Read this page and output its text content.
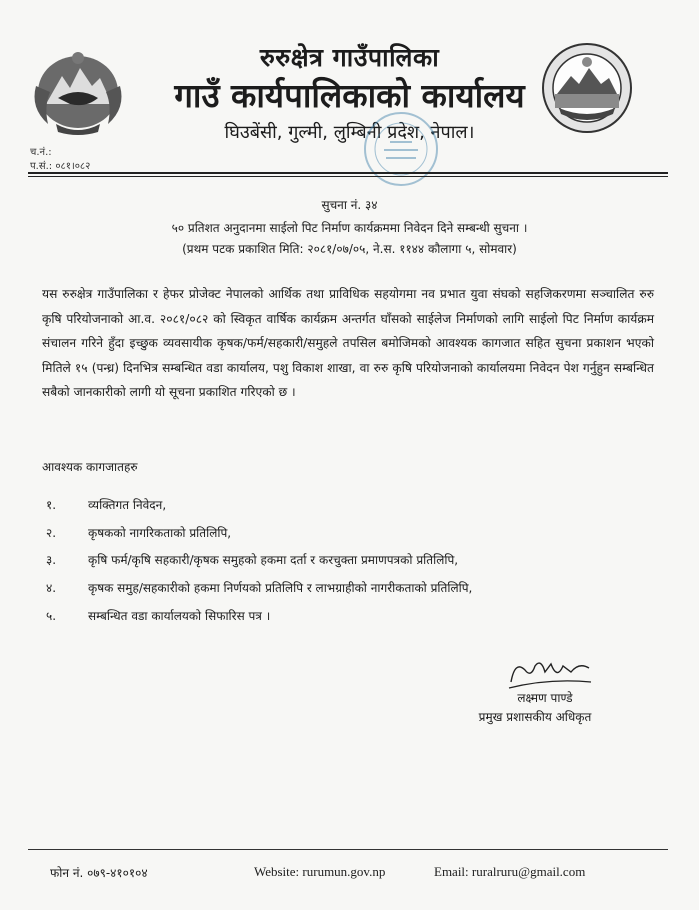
रुरुक्षेत्र गाउँपालिका
गाउँ कार्यपालिकाको कार्यालय
घिउबेंसी, गुल्मी, लुम्बिनी प्रदेश, नेपाल।
च.नं.:
प.सं.: ०८१।०८२
सुचना नं. ३४
५० प्रतिशत अनुदानमा साईलो पिट निर्माण कार्यक्रममा निवेदन दिने सम्बन्धी सुचना ।
(प्रथम पटक प्रकाशित मिति: २०८१/०७/०५, ने.स. ११४४ कौलागा ५, सोमवार)
यस रुरुक्षेत्र गाउँपालिका र हेफर प्रोजेक्ट नेपालको आर्थिक तथा प्राविधिक सहयोगमा नव प्रभात युवा संघको सहजिकरणमा सञ्चालित रुरु कृषि परियोजनाको आ.व. २०८१/०८२ को स्विकृत वार्षिक कार्यक्रम अन्तर्गत घाँसको साईलेज निर्माणको लागि साईलो पिट निर्माण कार्यक्रम संचालन गरिने हुँदा इच्छुक व्यवसायीक कृषक/फर्म/सहकारी/समुहले तपसिल बमोजिमको आवश्यक कागजात सहित सुचना प्रकाशन भएको मितिले १५ (पन्ध्र) दिनभित्र सम्बन्धित वडा कार्यालय, पशु विकाश शाखा, वा रुरु कृषि परियोजनाको कार्यालयमा निवेदन पेश गर्नुहुन सम्बन्धित सबैको जानकारीको लागी यो सूचना प्रकाशित गरिएको छ ।
आवश्यक कागजातहरु
१.	व्यक्तिगत निवेदन,
२.	कृषकको नागरिकताको प्रतिलिपि,
३.	कृषि फर्म/कृषि सहकारी/कृषक समुहको हकमा दर्ता र करचुक्ता प्रमाणपत्रको प्रतिलिपि,
४.	कृषक समुह/सहकारीको हकमा निर्णयको प्रतिलिपि र लाभग्राहीको नागरीकताको प्रतिलिपि,
५.	सम्बन्धित वडा कार्यालयको सिफारिस पत्र ।
लक्ष्मण पाण्डे
प्रमुख प्रशासकीय अधिकृत
फोन नं. ०७९-४१०१०४	Website: rurumun.gov.np	Email: ruralruru@gmail.com
